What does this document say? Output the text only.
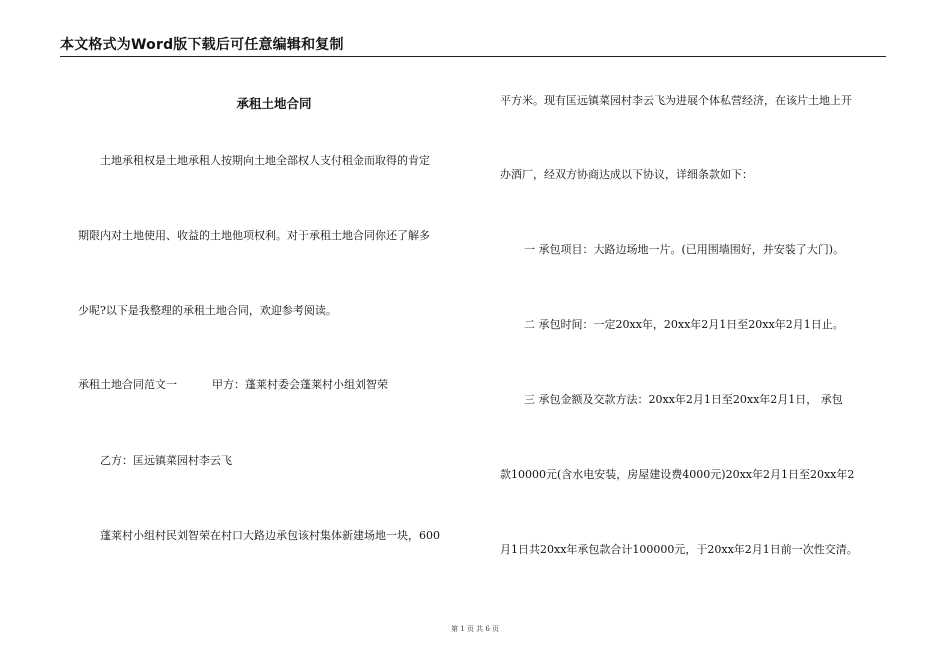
本文格式为Word版下载后可任意编辑和复制
承租土地合同
土地承租权是土地承租人按期向土地全部权人支付租金而取得的肯定
期限内对土地使用、收益的土地他项权利。对于承租土地合同你还了解多
少呢?以下是我整理的承租土地合同，欢迎参考阅读。
承租土地合同范文一	甲方：蓬莱村委会蓬莱村小组刘智荣
乙方：匡远镇菜园村李云飞
蓬莱村小组村民刘智荣在村口大路边承包该村集体新建场地一块，600
平方米。现有匡远镇菜园村李云飞为进展个体私营经济，在该片土地上开
办酒厂，经双方协商达成以下协议，详细条款如下：
一 承包项目：大路边场地一片。(已用围墙围好，并安装了大门)。
二 承包时间：一定20xx年，20xx年2月1日至20xx年2月1日止。
三 承包金额及交款方法：20xx年2月1日至20xx年2月1日， 承包
款10000元(含水电安装，房屋建设费4000元)20xx年2月1日至20xx年2
月1日共20xx年承包款合计100000元，于20xx年2月1日前一次性交清。
第 1 页 共 6 页
